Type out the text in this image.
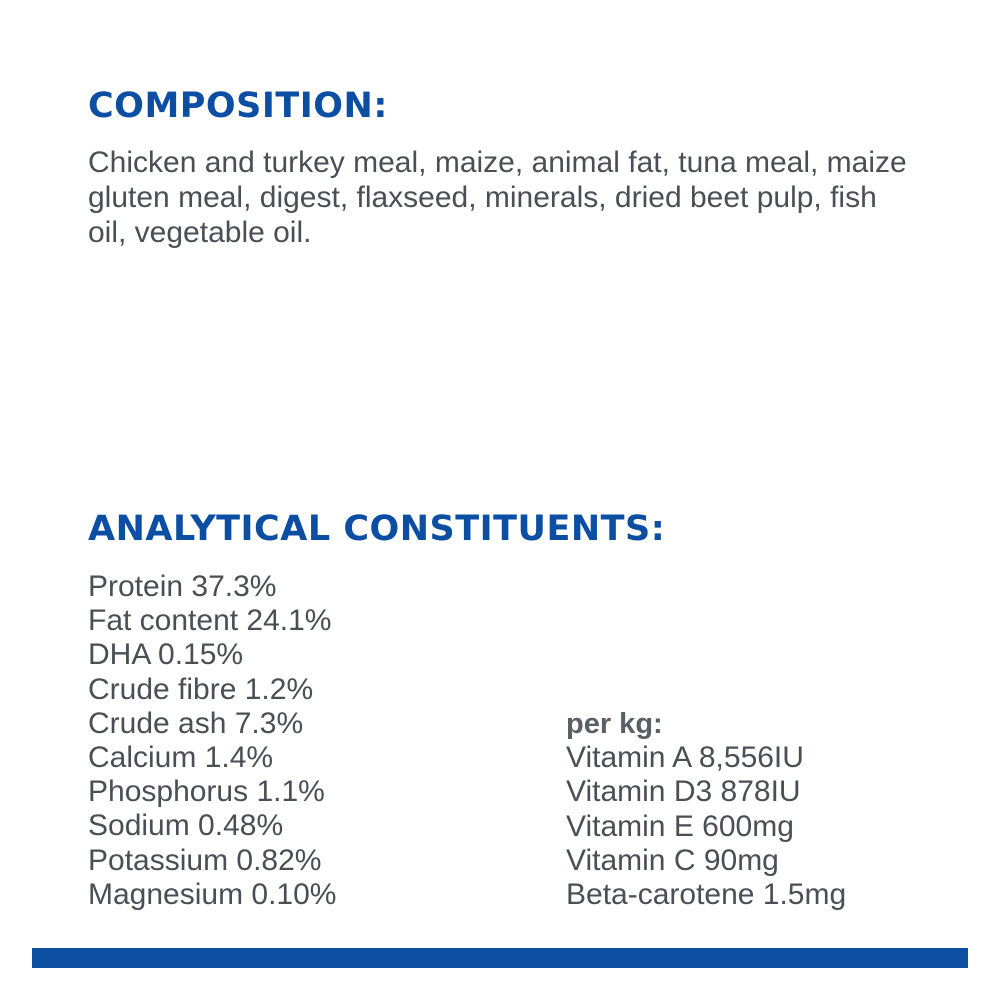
COMPOSITION:

Chicken and turkey meal, maize, animal fat, tuna meal, maize gluten meal, digest, flaxseed, minerals, dried beet pulp, fish oil, vegetable oil.

ANALYTICAL CONSTITUENTS:
Protein 37.3%
Fat content 24.1%
DHA 0.15%
Crude fibre 1.2%
Crude ash 7.3%
Calcium 1.4%
Phosphorus 1.1%
Sodium 0.48%
Potassium 0.82%
Magnesium 0.10%
per kg:
Vitamin A 8,556IU
Vitamin D3 878IU
Vitamin E 600mg
Vitamin C 90mg
Beta-carotene 1.5mg
